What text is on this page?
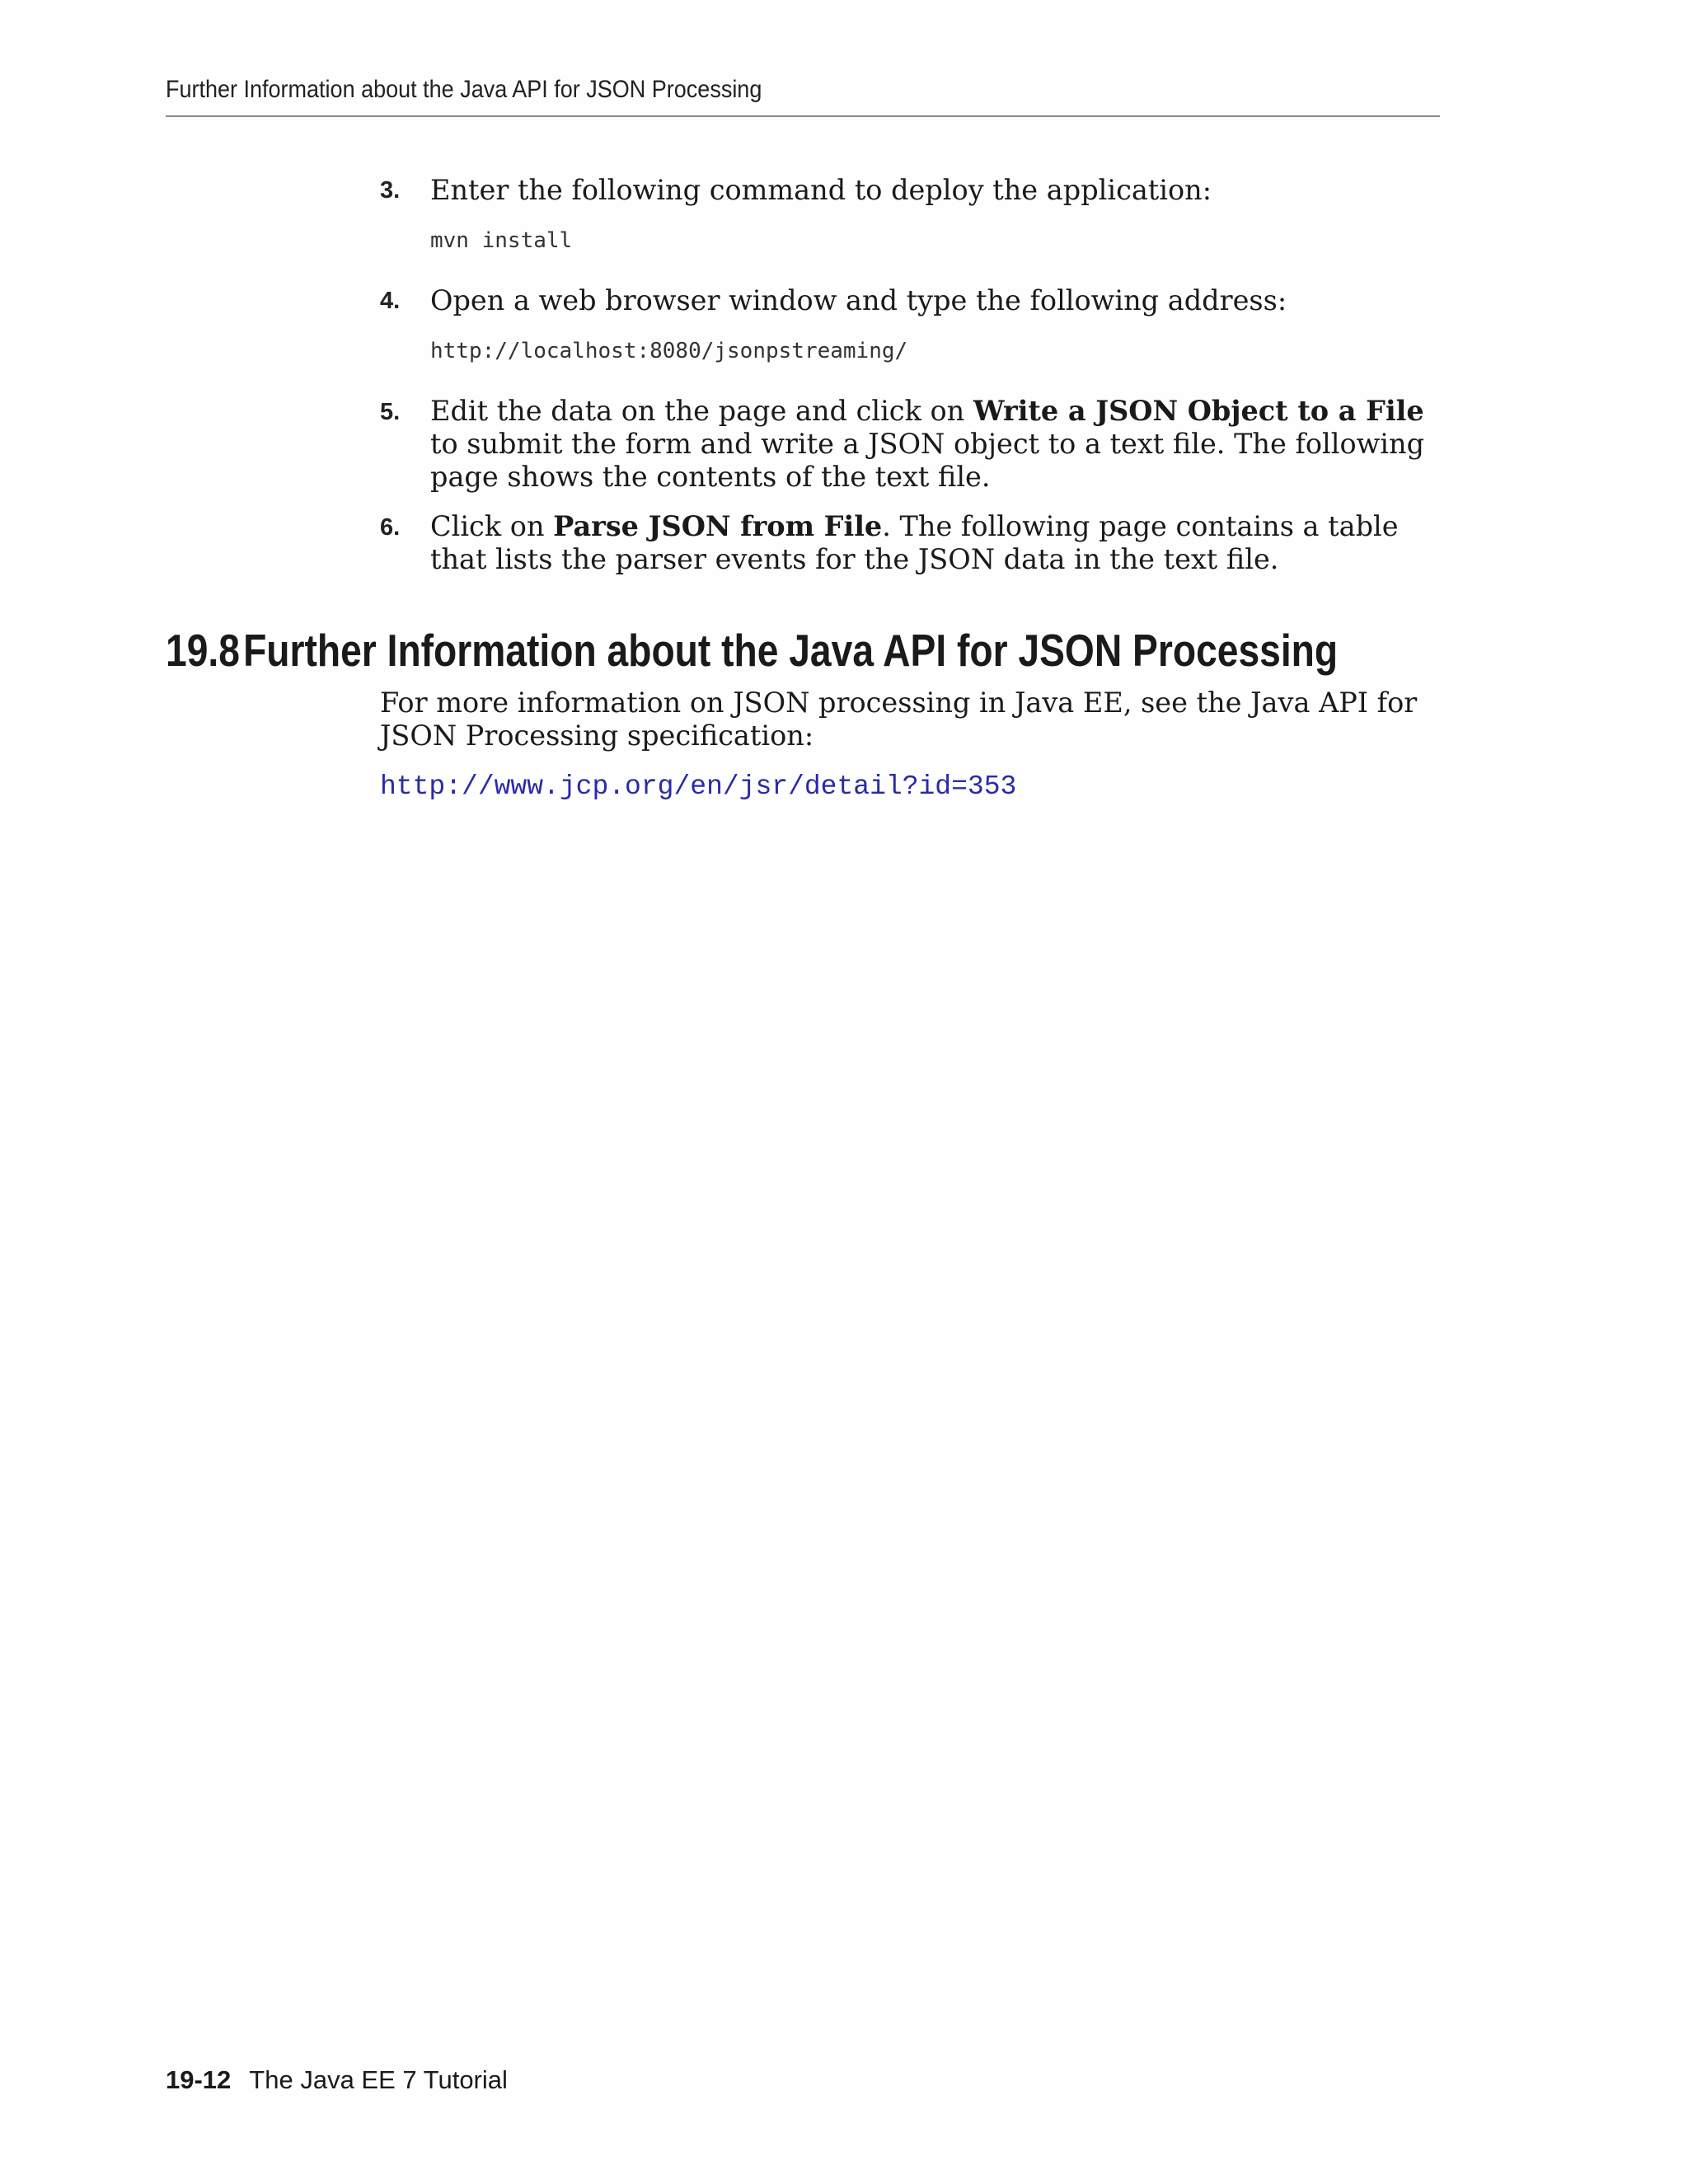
Further Information about the Java API for JSON Processing
3. Enter the following command to deploy the application:
mvn install
4. Open a web browser window and type the following address:
http://localhost:8080/jsonpstreaming/
5. Edit the data on the page and click on Write a JSON Object to a File to submit the form and write a JSON object to a text file. The following page shows the contents of the text file.
6. Click on Parse JSON from File. The following page contains a table that lists the parser events for the JSON data in the text file.
19.8Further Information about the Java API for JSON Processing
For more information on JSON processing in Java EE, see the Java API for JSON Processing specification:
http://www.jcp.org/en/jsr/detail?id=353
19-12 The Java EE 7 Tutorial
